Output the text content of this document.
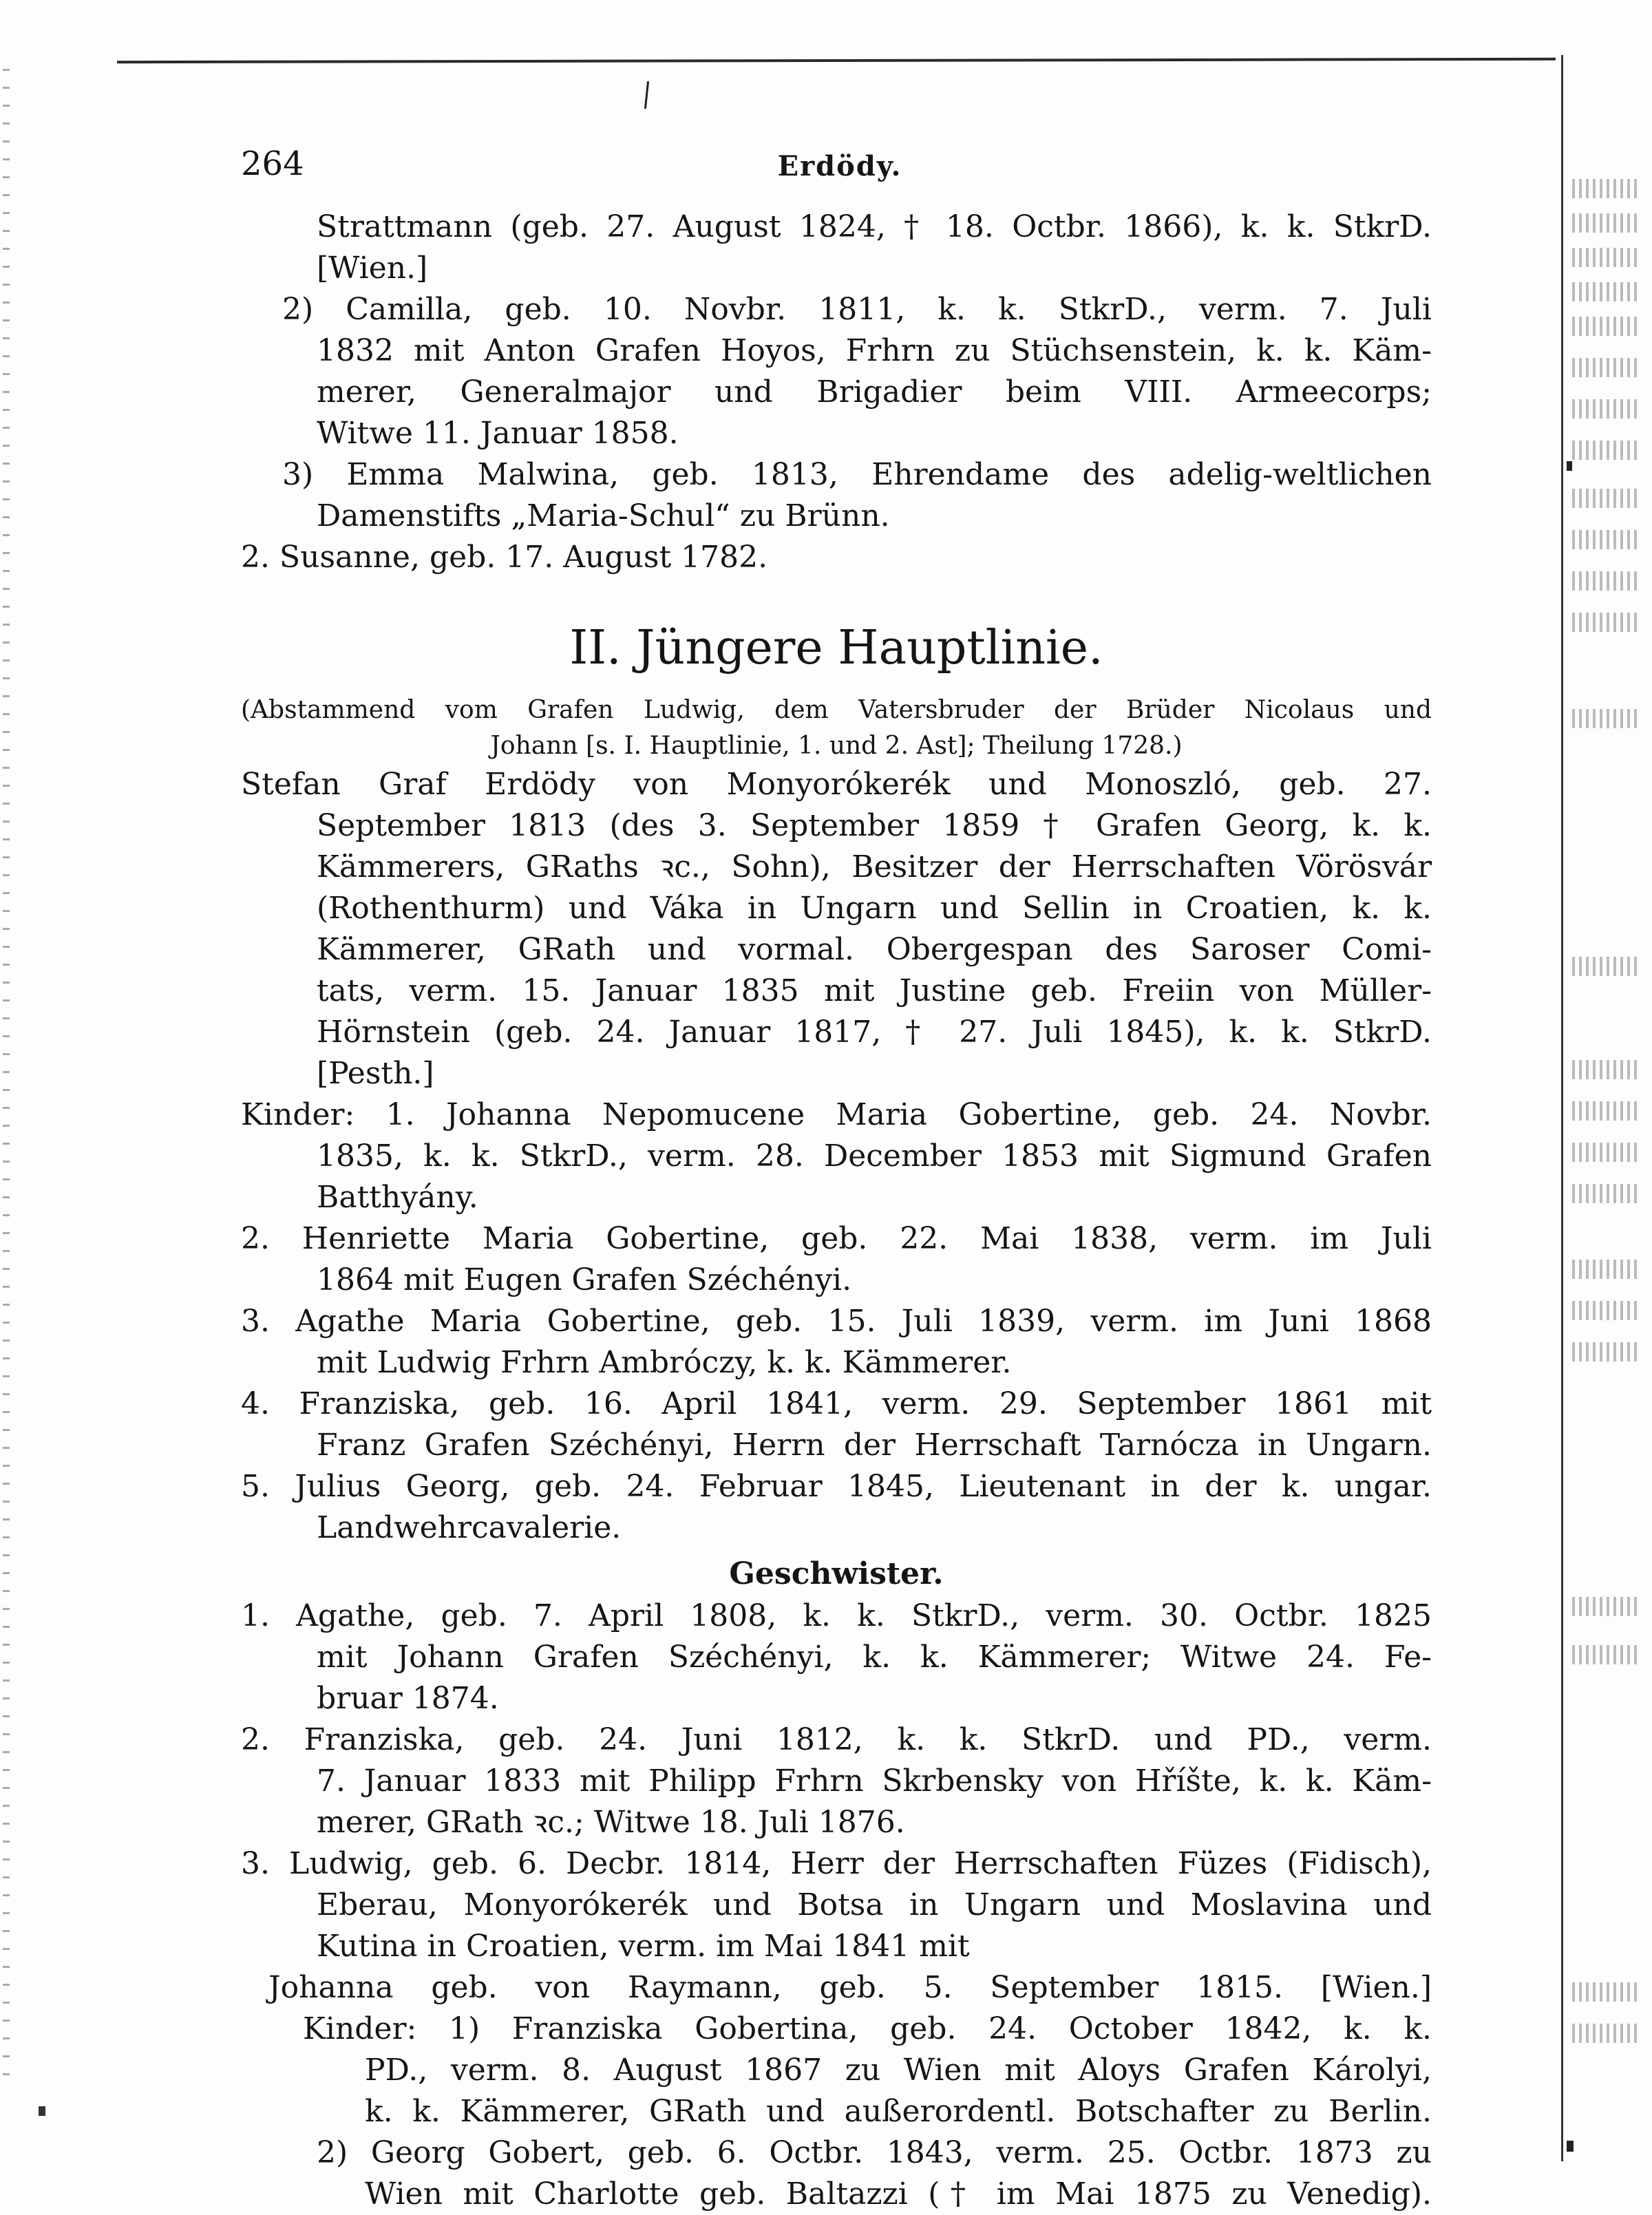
264	Erdödy.
Strattmann (geb. 27. August 1824, † 18. Octbr. 1866), k. k. StkrD.
[Wien.]
2) Camilla, geb. 10. Novbr. 1811, k. k. StkrD., verm. 7. Juli
1832 mit Anton Grafen Hoyos, Frhrn zu Stüchsenstein, k. k. Käm-
merer, Generalmajor und Brigadier beim VIII. Armeecorps;
Witwe 11. Januar 1858.
3) Emma Malwina, geb. 1813, Ehrendame des adelig-weltlichen
Damenstifts „Maria-Schul“ zu Brünn.
2. Susanne, geb. 17. August 1782.
II. Jüngere Hauptlinie.
(Abstammend vom Grafen Ludwig, dem Vatersbruder der Brüder Nicolaus und
Johann [s. I. Hauptlinie, 1. und 2. Ast]; Theilung 1728.)
Stefan Graf Erdödy von Monyorókerék und Monoszló, geb. 27.
September 1813 (des 3. September 1859 † Grafen Georg, k. k.
Kämmerers, GRaths ꝛc., Sohn), Besitzer der Herrschaften Vörösvár
(Rothenthurm) und Váka in Ungarn und Sellin in Croatien, k. k.
Kämmerer, GRath und vormal. Obergespan des Saroser Comi-
tats, verm. 15. Januar 1835 mit Justine geb. Freiin von Müller-
Hörnstein (geb. 24. Januar 1817, † 27. Juli 1845), k. k. StkrD.
[Pesth.]
Kinder: 1. Johanna Nepomucene Maria Gobertine, geb. 24. Novbr.
1835, k. k. StkrD., verm. 28. December 1853 mit Sigmund Grafen
Batthyány.
2. Henriette Maria Gobertine, geb. 22. Mai 1838, verm. im Juli
1864 mit Eugen Grafen Széchényi.
3. Agathe Maria Gobertine, geb. 15. Juli 1839, verm. im Juni 1868
mit Ludwig Frhrn Ambróczy, k. k. Kämmerer.
4. Franziska, geb. 16. April 1841, verm. 29. September 1861 mit
Franz Grafen Széchényi, Herrn der Herrschaft Tarnócza in Ungarn.
5. Julius Georg, geb. 24. Februar 1845, Lieutenant in der k. ungar.
Landwehrcavalerie.
Geschwister.
1. Agathe, geb. 7. April 1808, k. k. StkrD., verm. 30. Octbr. 1825
mit Johann Grafen Széchényi, k. k. Kämmerer; Witwe 24. Fe-
bruar 1874.
2. Franziska, geb. 24. Juni 1812, k. k. StkrD. und PD., verm.
7. Januar 1833 mit Philipp Frhrn Skrbensky von Hříšte, k. k. Käm-
merer, GRath ꝛc.; Witwe 18. Juli 1876.
3. Ludwig, geb. 6. Decbr. 1814, Herr der Herrschaften Füzes (Fidisch),
Eberau, Monyorókerék und Botsa in Ungarn und Moslavina und
Kutina in Croatien, verm. im Mai 1841 mit
Johanna geb. von Raymann, geb. 5. September 1815. [Wien.]
Kinder: 1) Franziska Gobertina, geb. 24. October 1842, k. k.
PD., verm. 8. August 1867 zu Wien mit Aloys Grafen Károlyi,
k. k. Kämmerer, GRath und außerordentl. Botschafter zu Berlin.
2) Georg Gobert, geb. 6. Octbr. 1843, verm. 25. Octbr. 1873 zu
Wien mit Charlotte geb. Baltazzi († im Mai 1875 zu Venedig).
